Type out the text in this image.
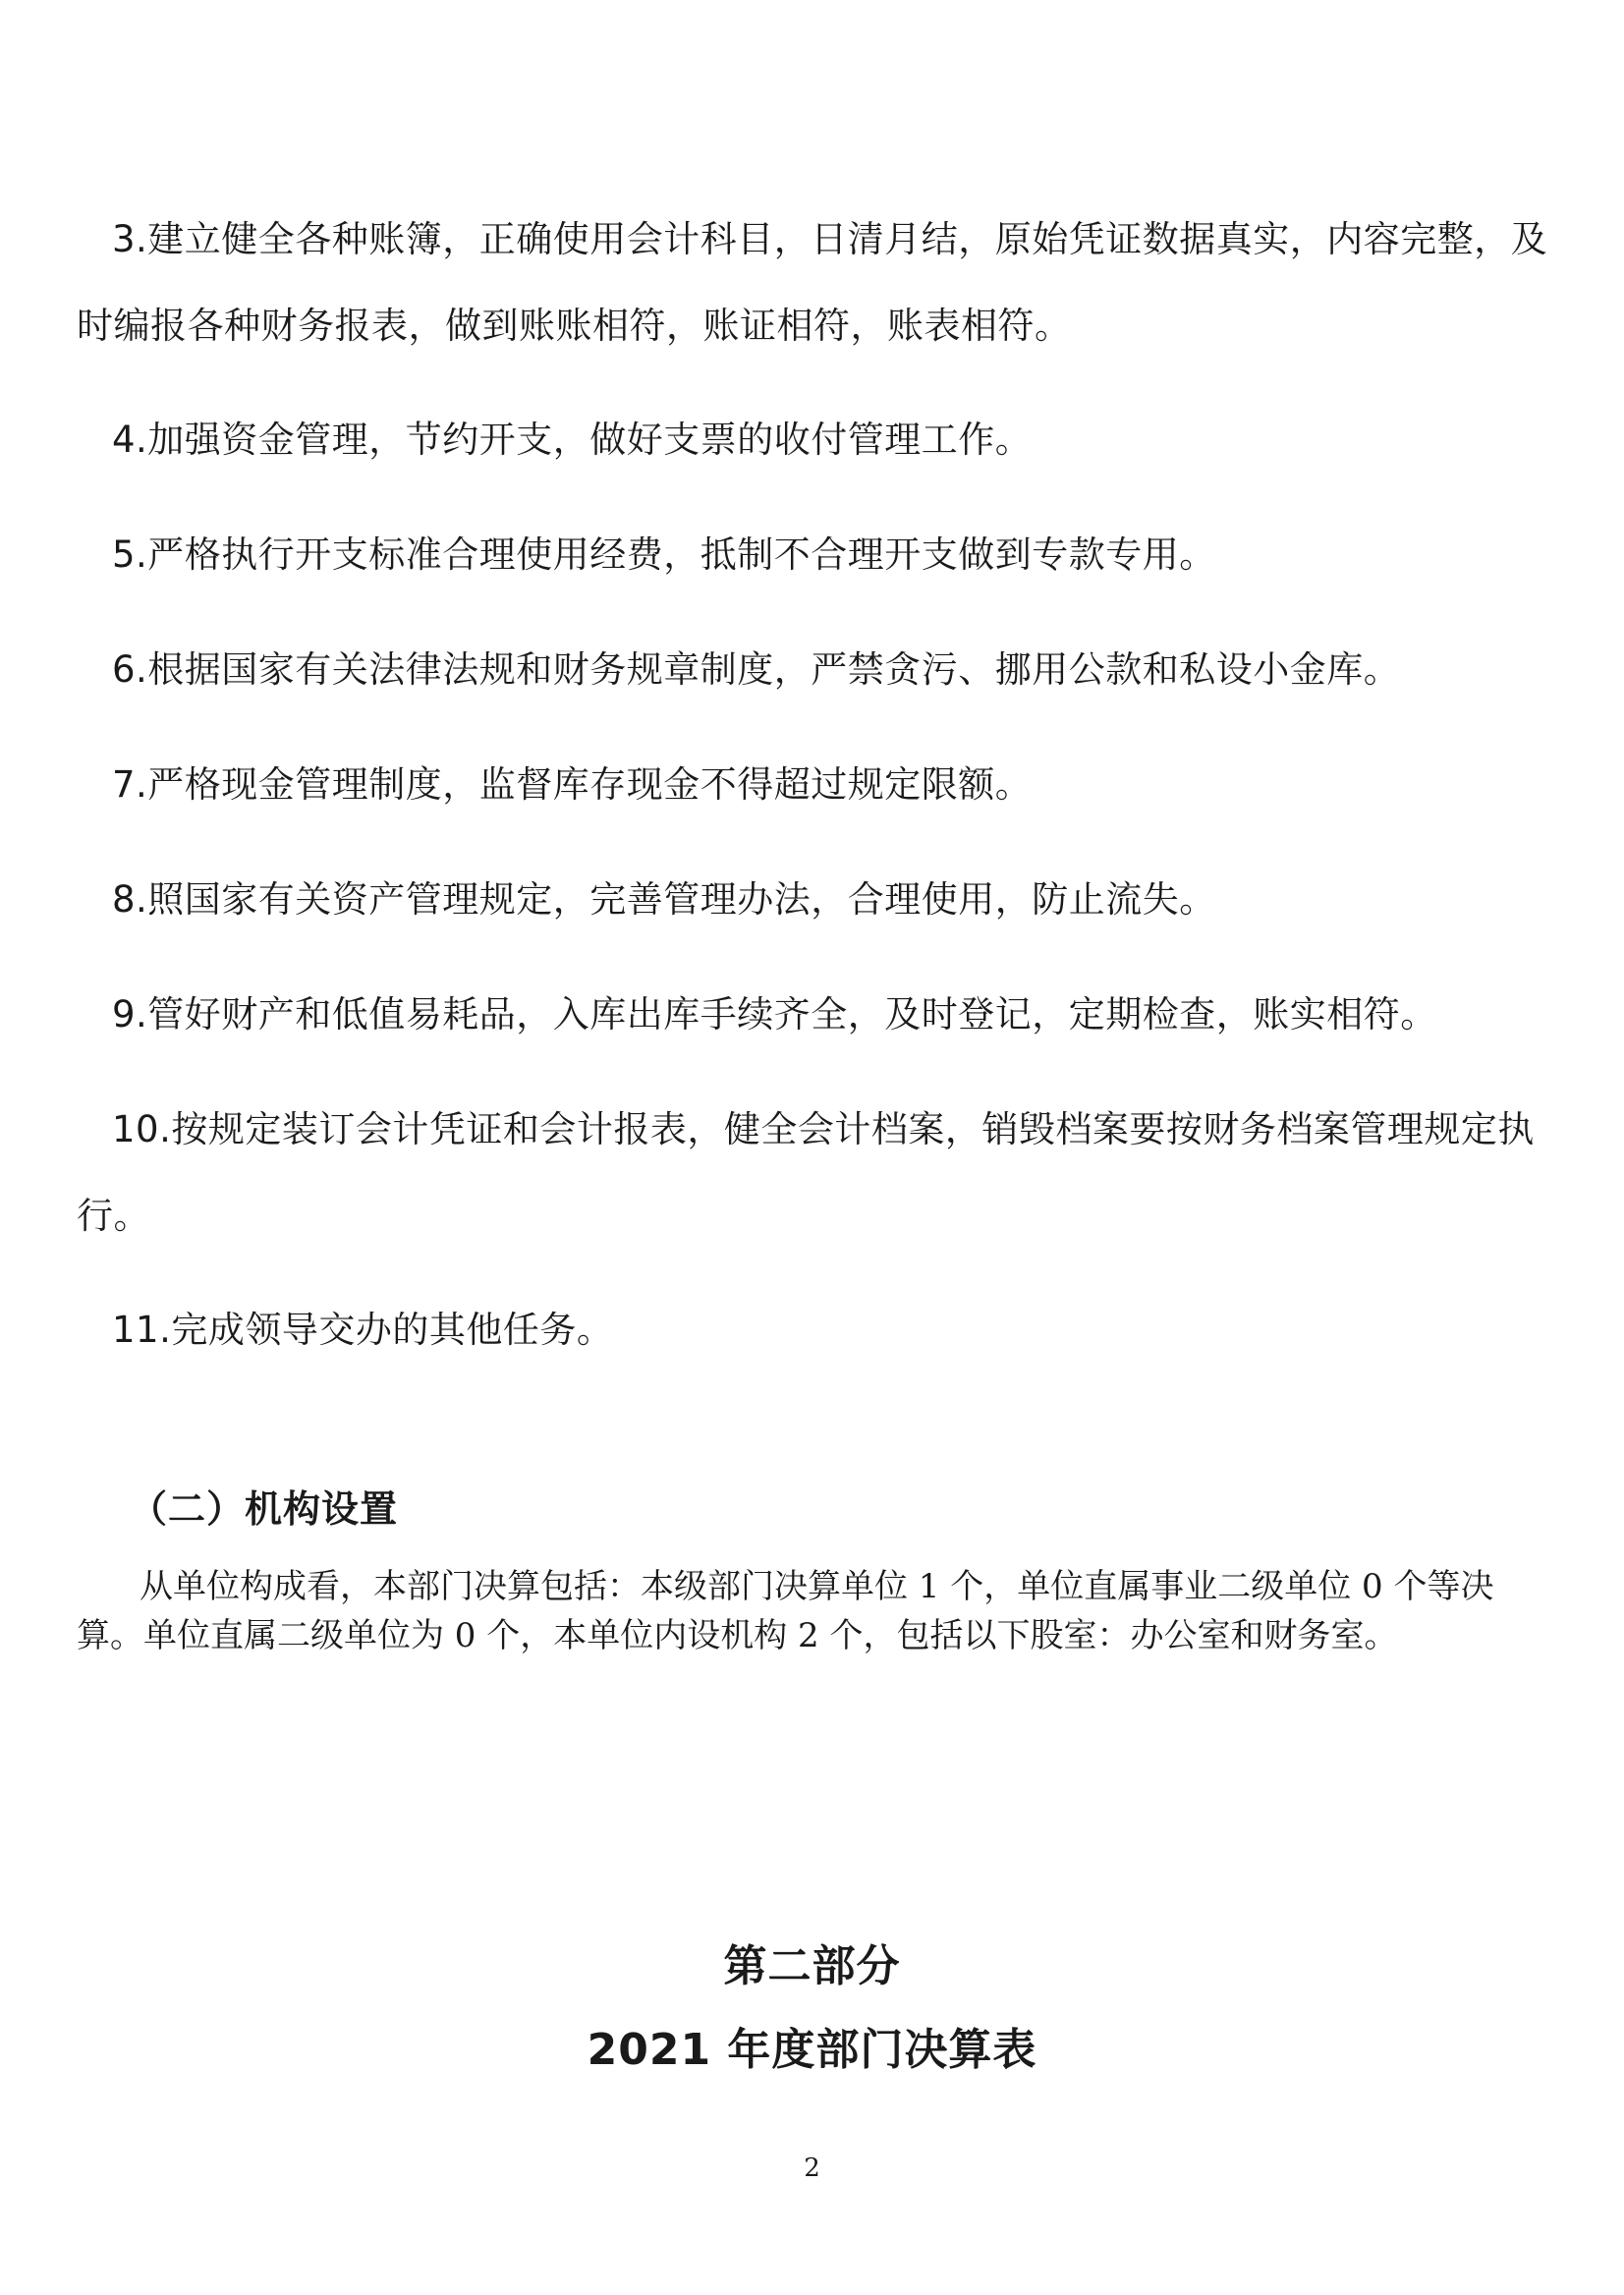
3.建立健全各种账簿，正确使用会计科目，日清月结，原始凭证数据真实，内容完整，及时编报各种财务报表，做到账账相符，账证相符，账表相符。

4.加强资金管理，节约开支，做好支票的收付管理工作。

5.严格执行开支标准合理使用经费，抵制不合理开支做到专款专用。

6.根据国家有关法律法规和财务规章制度，严禁贪污、挪用公款和私设小金库。

7.严格现金管理制度，监督库存现金不得超过规定限额。

8.照国家有关资产管理规定，完善管理办法，合理使用，防止流失。

9.管好财产和低值易耗品，入库出库手续齐全，及时登记，定期检查，账实相符。

10.按规定装订会计凭证和会计报表，健全会计档案，销毁档案要按财务档案管理规定执行。

11.完成领导交办的其他任务。

（二）机构设置

从单位构成看，本部门决算包括：本级部门决算单位 1 个，单位直属事业二级单位 0 个等决算。单位直属二级单位为 0 个，本单位内设机构 2 个，包括以下股室：办公室和财务室。

第二部分
2021 年度部门决算表
2
